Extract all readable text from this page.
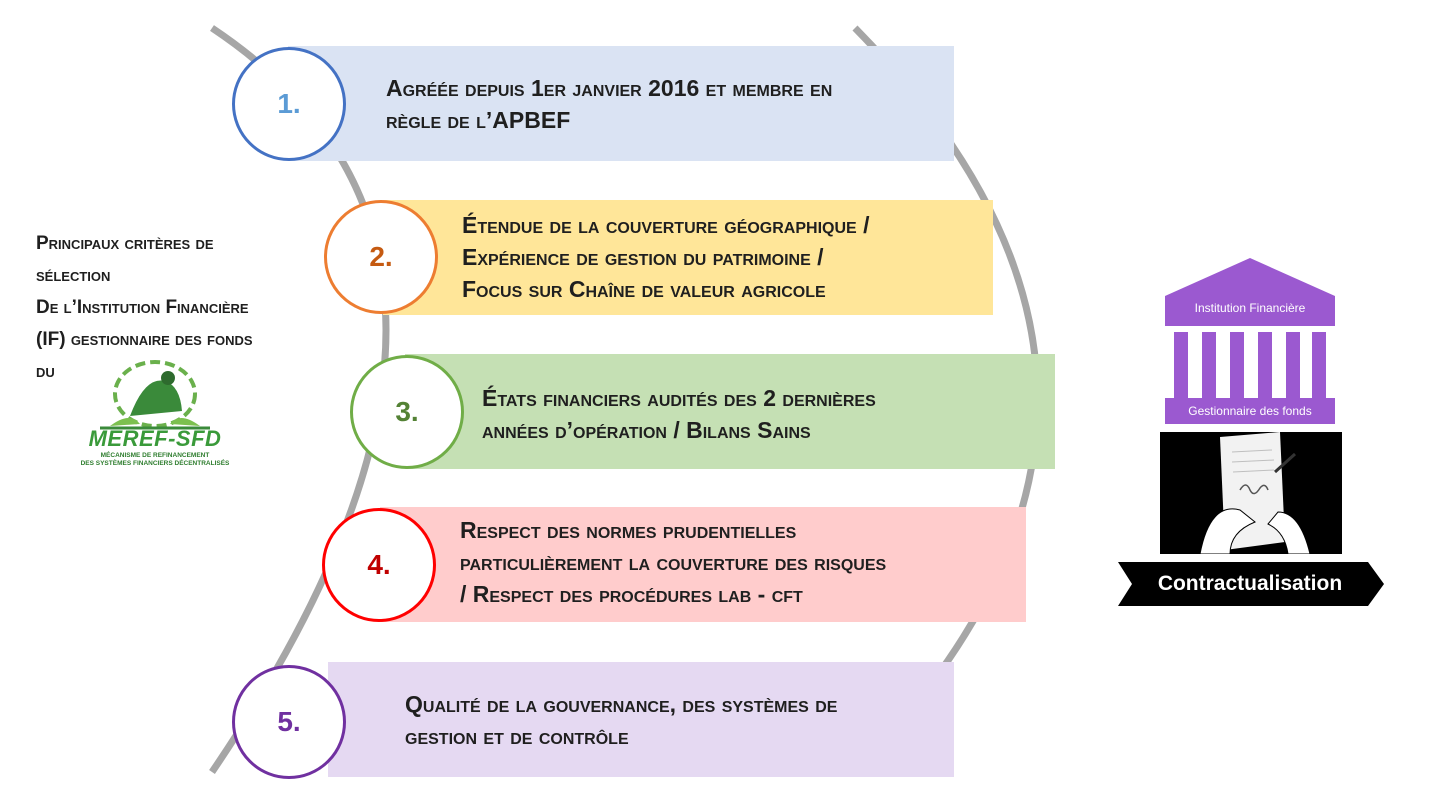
Agréée depuis 1er janvier 2016 et membre en
règle de l’APBEF
1.
Étendue de la couverture géographique /
Expérience de gestion du patrimoine /
Focus sur Chaîne de valeur agricole
2.
États financiers audités des 2 dernières
années d’opération / Bilans Sains
3.
Respect des normes prudentielles
particulièrement la couverture des risques
/ Respect des procédures lab - cft
4.
Qualité de la gouvernance, des systèmes de
gestion et de contrôle
5.
Principaux critères de
sélection
De l’Institution Financière
(IF) gestionnaire des fonds
du
MEREF-SFD
MÉCANISME DE REFINANCEMENT
DES SYSTÈMES FINANCIERS DÉCENTRALISÉS
Institution Financière
Gestionnaire des fonds
Contractualisation
